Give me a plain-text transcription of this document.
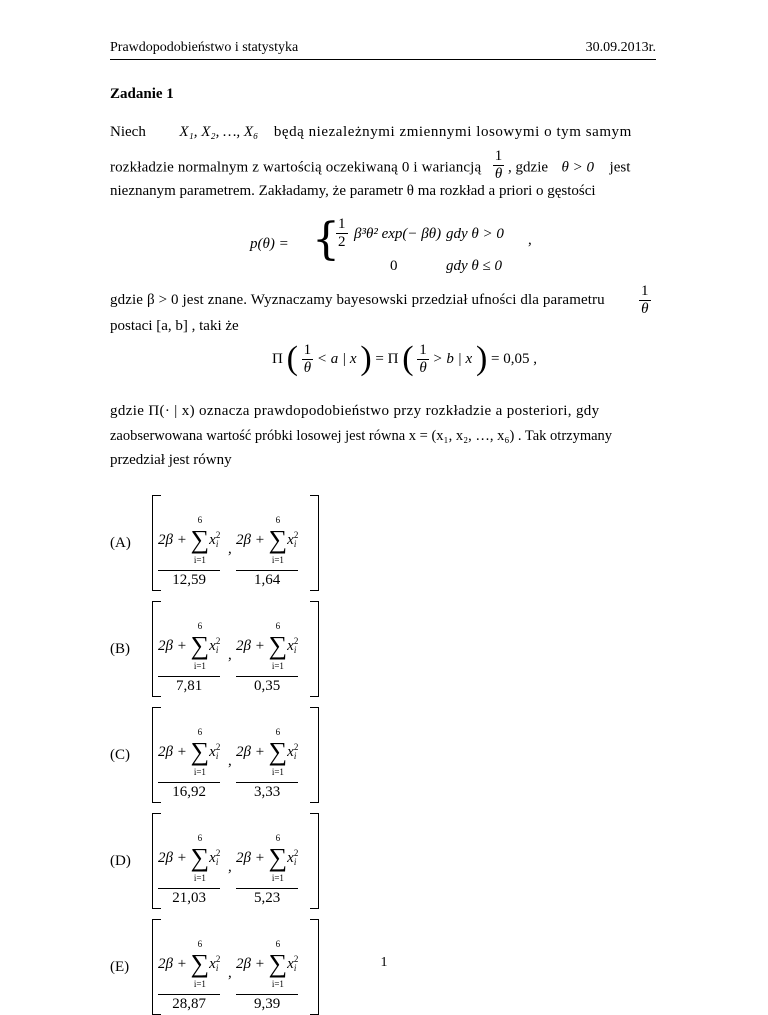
Prawdopodobieństwo i statystyka	30.09.2013r.
Zadanie 1
Niech X₁, X₂, …, X₆ będą niezależnymi zmiennymi losowymi o tym samym
rozkładzie normalnym z wartością oczekiwaną 0 i wariancją $\frac{1}{\theta}$ , gdzie θ > 0 jest
nieznanym parametrem. Zakładamy, że parametr θ ma rozkład a priori o gęstości
p(θ) = {
$\frac{1}{2} \beta^3\theta^2$ exp(− βθ) gdy θ > 0 ,
0	gdy θ ≤ 0
gdzie β > 0 jest znane. Wyznaczamy bayesowski przedział ufności dla parametru	$\frac{1}{\theta}$
postaci [a, b] , taki że
Π ( $\frac{1}{\theta} < a$ | x ) = Π ( $\frac{1}{\theta} > b$ | x ) = 0,05 ,
gdzie Π(· | x) oznacza prawdopodobieństwo przy rozkładzie a posteriori, gdy
zaobserwowana wartość próbki losowej jest równa x = (x₁, x₂, …, x₆) . Tak otrzymany
przedział jest równy
(A) 2β +
6
∑
i=1
x 2
i
12,59
,
2β +
6
∑
i=1
x 2
i
1,64
(B) 2β +
6
∑
i=1
x 2
i
7,81
,
2β +
6
∑
i=1
x 2
i
0,35
(C) 2β +
6
∑
i=1
x 2
i
16,92
,
2β +
6
∑
i=1
x 2
i
3,33
(D) 2β +
6
∑
i=1
x 2
i
21,03
,
2β +
6
∑
i=1
x 2
i
5,23
(E) 2β +
6
∑
i=1
x 2
i
28,87
,
2β +
6
∑
i=1
x 2
i
9,39
1
